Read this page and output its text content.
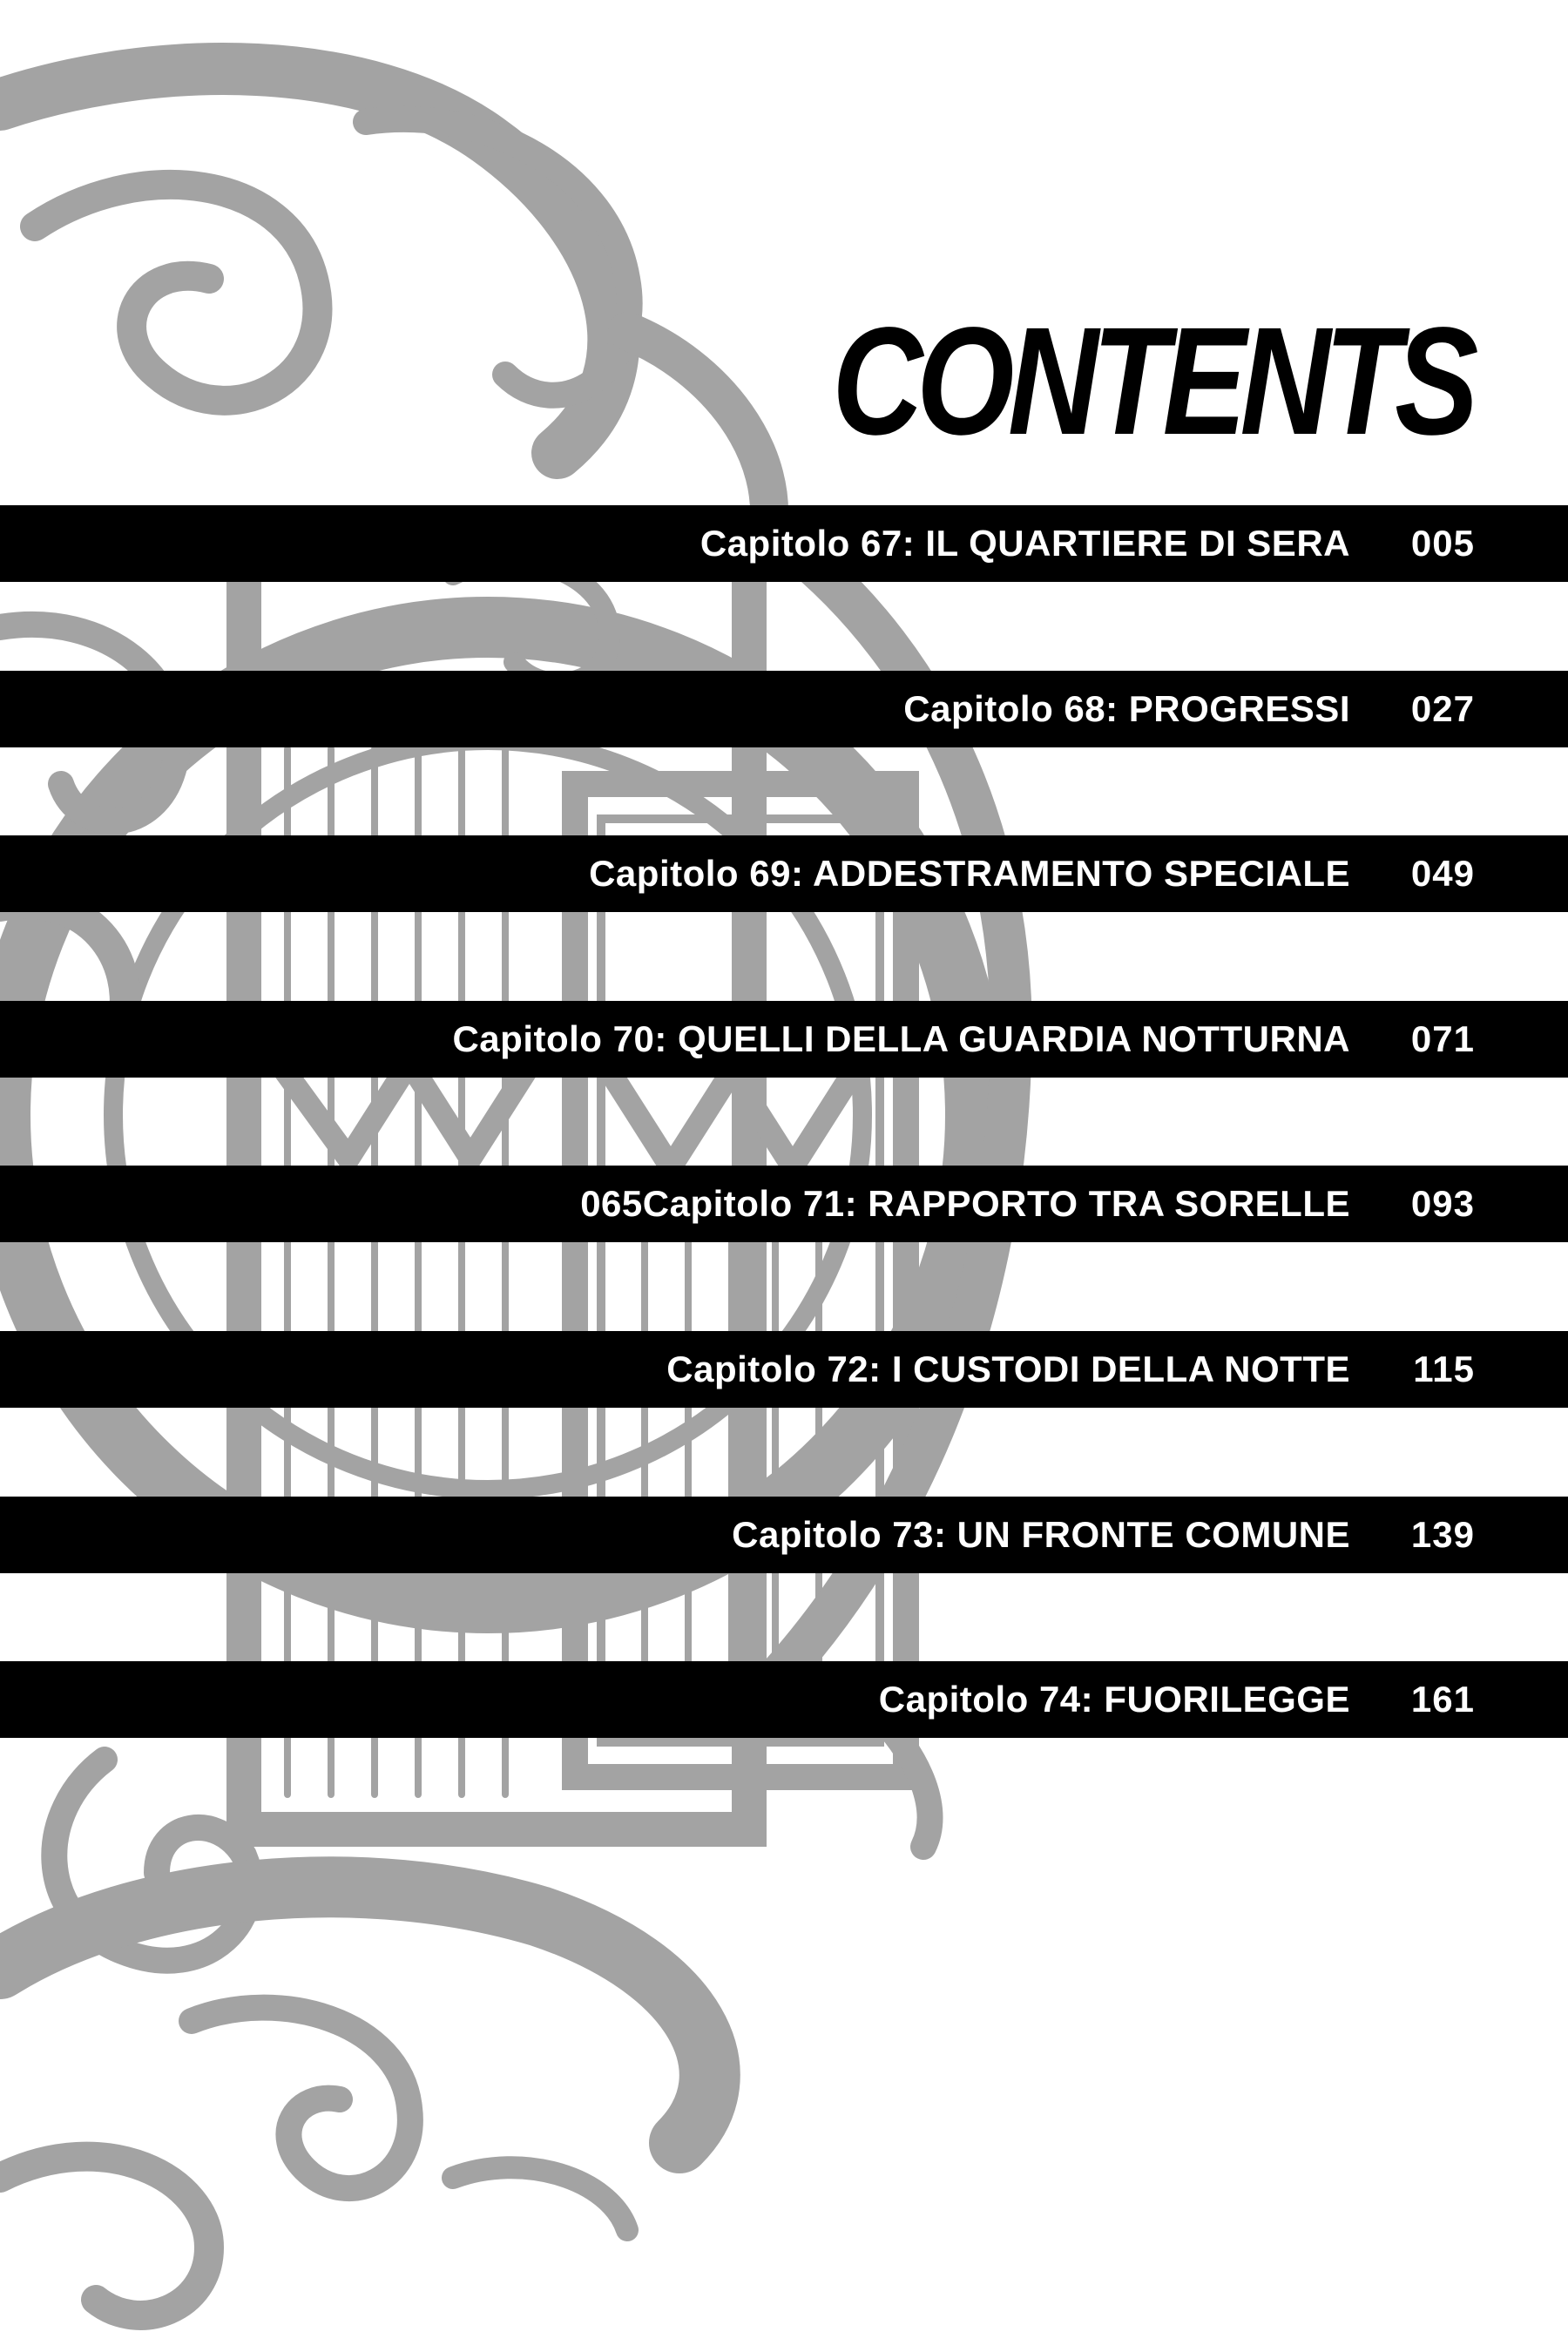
CONTENTS
Capitolo 67: IL QUARTIERE DI SERA 005
Capitolo 68: PROGRESSI 027
Capitolo 69: ADDESTRAMENTO SPECIALE 049
Capitolo 70: QUELLI DELLA GUARDIA NOTTURNA 071
065Capitolo 71: RAPPORTO TRA SORELLE 093
Capitolo 72: I CUSTODI DELLA NOTTE 115
Capitolo 73: UN FRONTE COMUNE 139
Capitolo 74: FUORILEGGE 161
